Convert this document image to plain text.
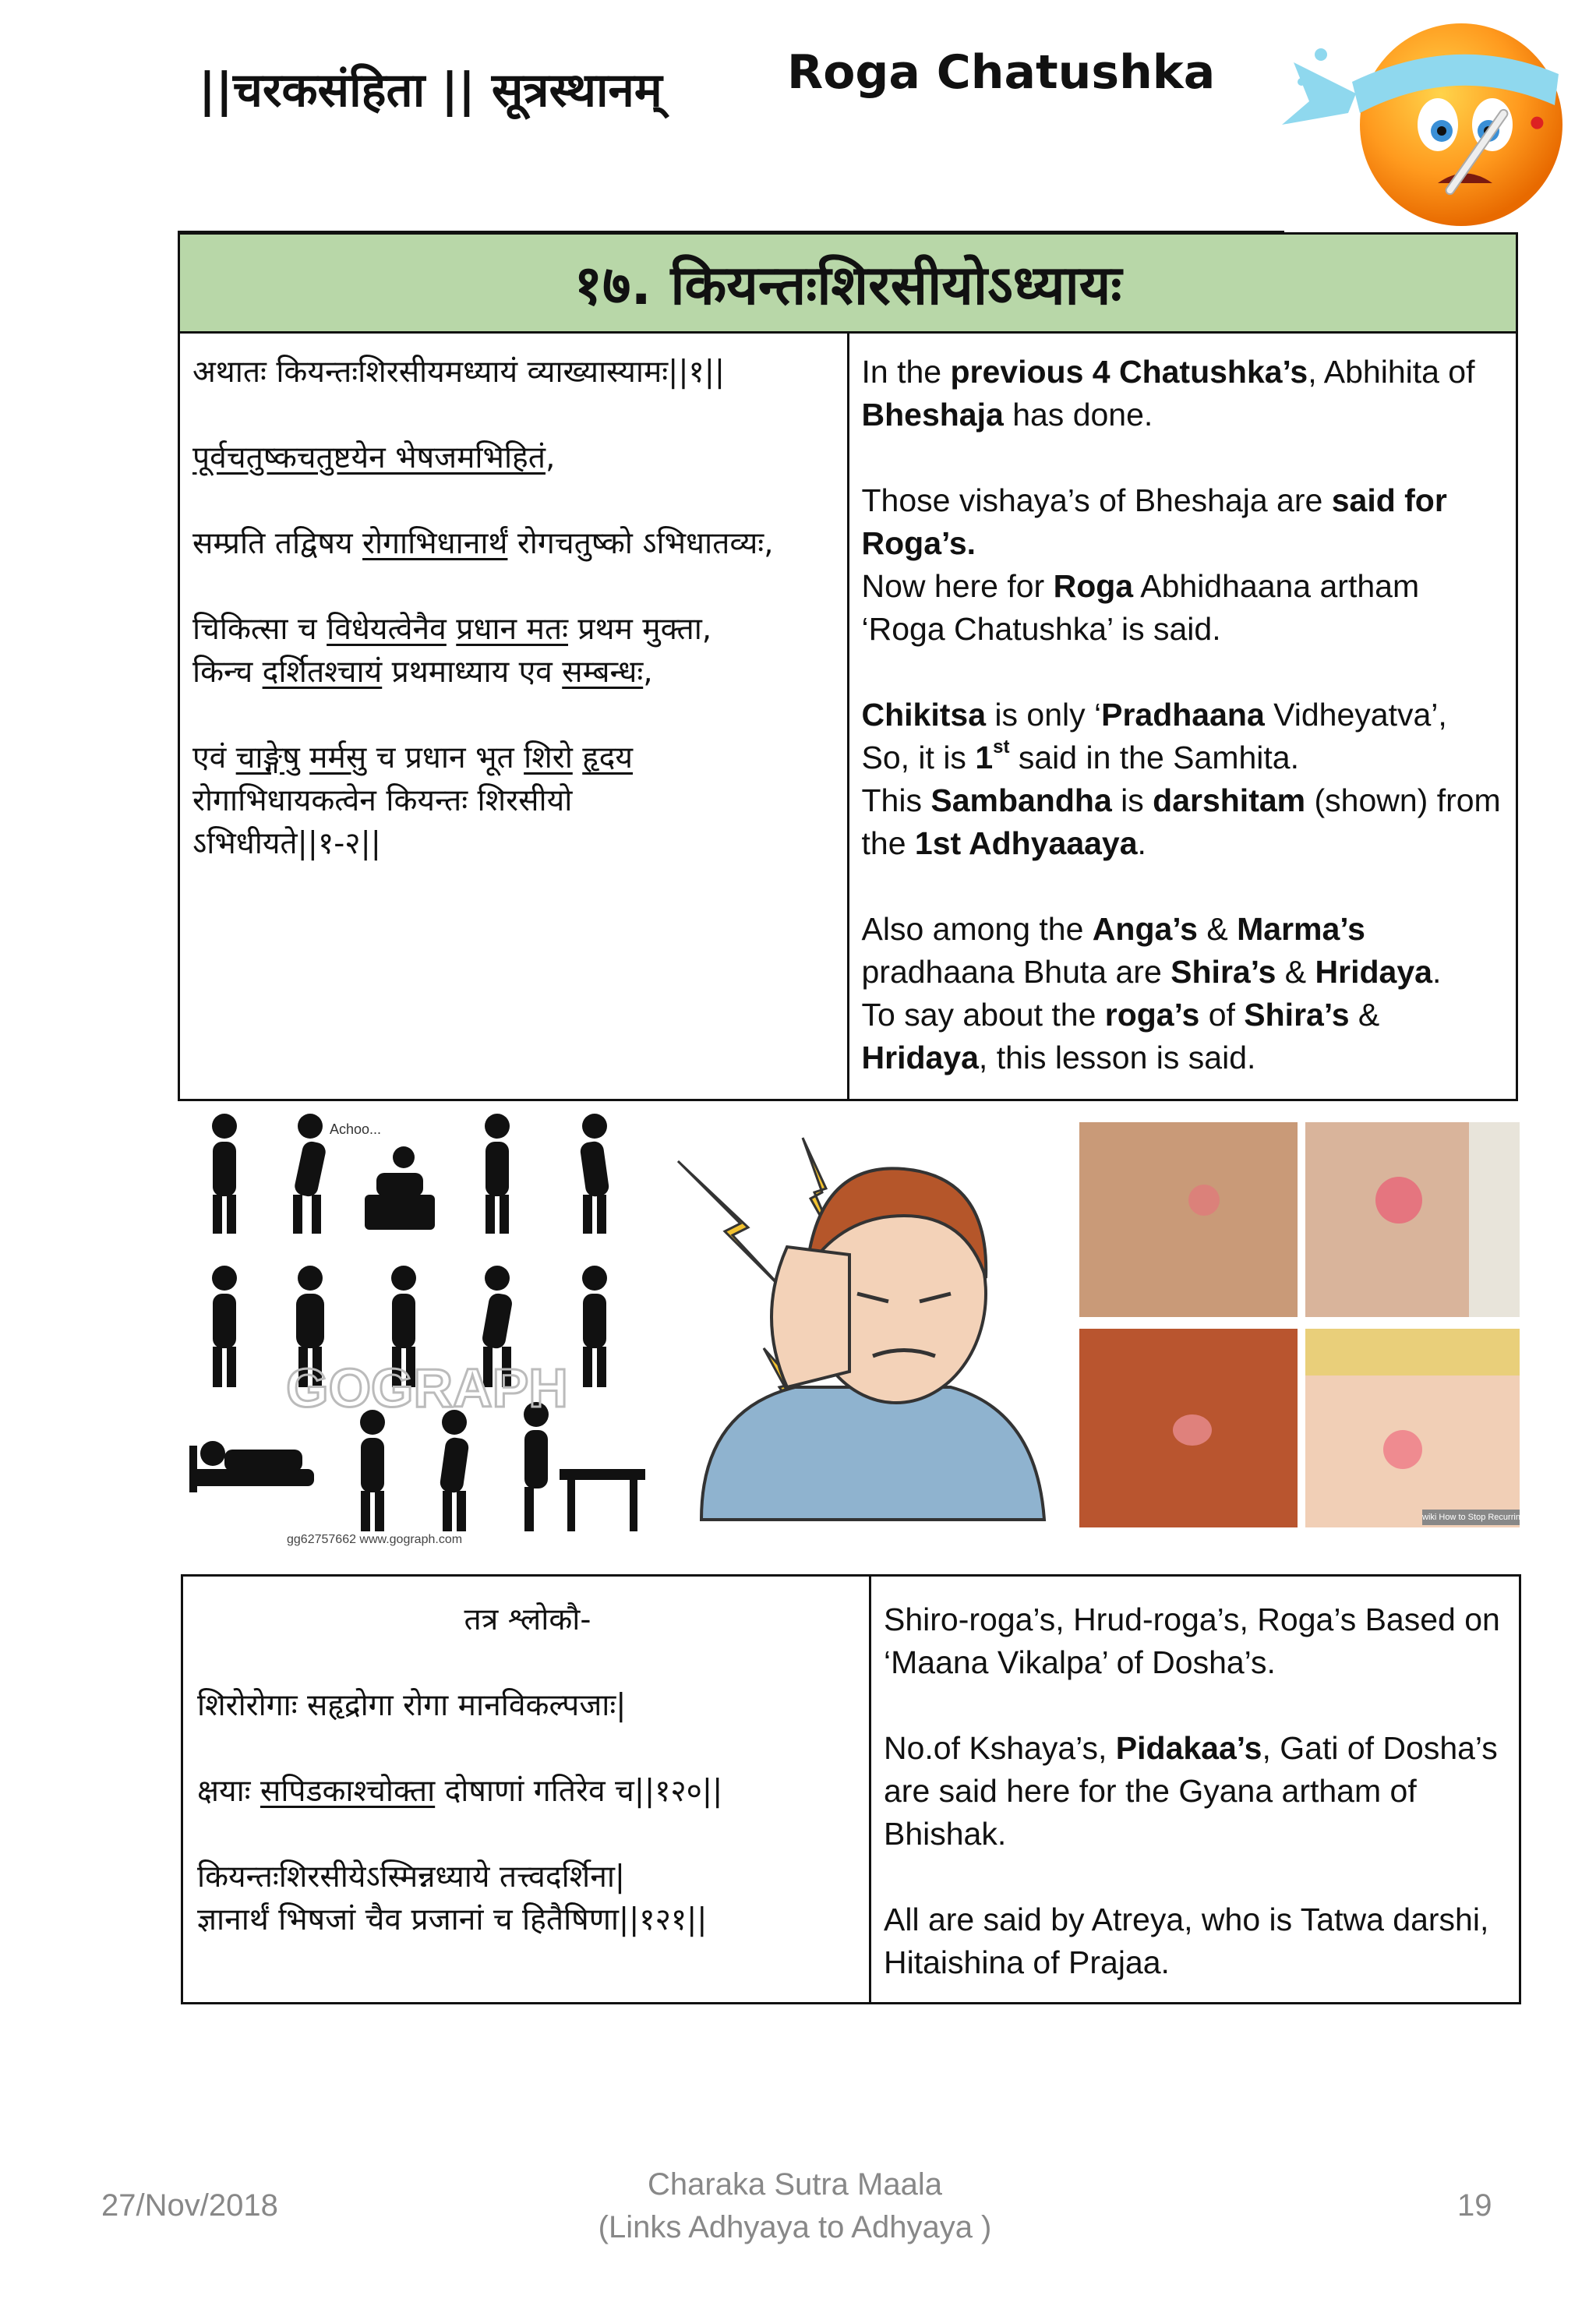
||चरकसंहिता || सूत्रस्थानम्	Roga Chatushka
१७. कियन्तःशिरसीयोऽध्यायः

अथातः कियन्तःशिरसीयमध्यायं व्याख्यास्यामः||१||
पूर्वचतुष्कचतुष्टयेन भेषजमभिहितं,
सम्प्रति तद्विषय रोगाभिधानार्थं रोगचतुष्को ऽभिधातव्यः,
चिकित्सा च विधेयत्वेनैव प्रधान मतः प्रथम मुक्ता,
किन्च दर्शितश्चायं प्रथमाध्याय एव सम्बन्धः,
एवं चाङ्गेषु मर्मसु च प्रधान भूत शिरो हृदय
रोगाभिधायकत्वेन कियन्तः शिरसीयो
ऽभिधीयते||१-२||

In the previous 4 Chatushka’s, Abhihita of Bheshaja has done.
Those vishaya’s of Bheshaja are said for Roga’s.
Now here for Roga Abhidhaana artham ‘Roga Chatushka’ is said.
Chikitsa is only ‘Pradhaana Vidheyatva’,
So, it is 1st said in the Samhita.
This Sambandha is darshitam (shown) from the 1st Adhyaaaya.
Also among the Anga’s & Marma’s pradhaana Bhuta are Shira’s & Hridaya.
To say about the roga’s of Shira’s & Hridaya, this lesson is said.
Achoo...
GOGRAPH
gg62757662 www.gograph.com
wiki How to Stop Recurring Boils
तत्र श्लोकौ-
शिरोरोगाः सहृद्रोगा रोगा मानविकल्पजाः|
क्षयाः सपिडकाश्चोक्ता दोषाणां गतिरेव च||१२०||
कियन्तःशिरसीयेऽस्मिन्नध्याये तत्त्वदर्शिना|
ज्ञानार्थं भिषजां चैव प्रजानां च हितैषिणा||१२१||

Shiro-roga’s, Hrud-roga’s, Roga’s Based on ‘Maana Vikalpa’ of Dosha’s.
No.of Kshaya’s, Pidakaa’s, Gati of Dosha’s are said here for the Gyana artham of Bhishak.
All are said by Atreya, who is Tatwa darshi, Hitaishina of Prajaa.
27/Nov/2018
Charaka Sutra Maala
(Links Adhyaya to Adhyaya )
19
